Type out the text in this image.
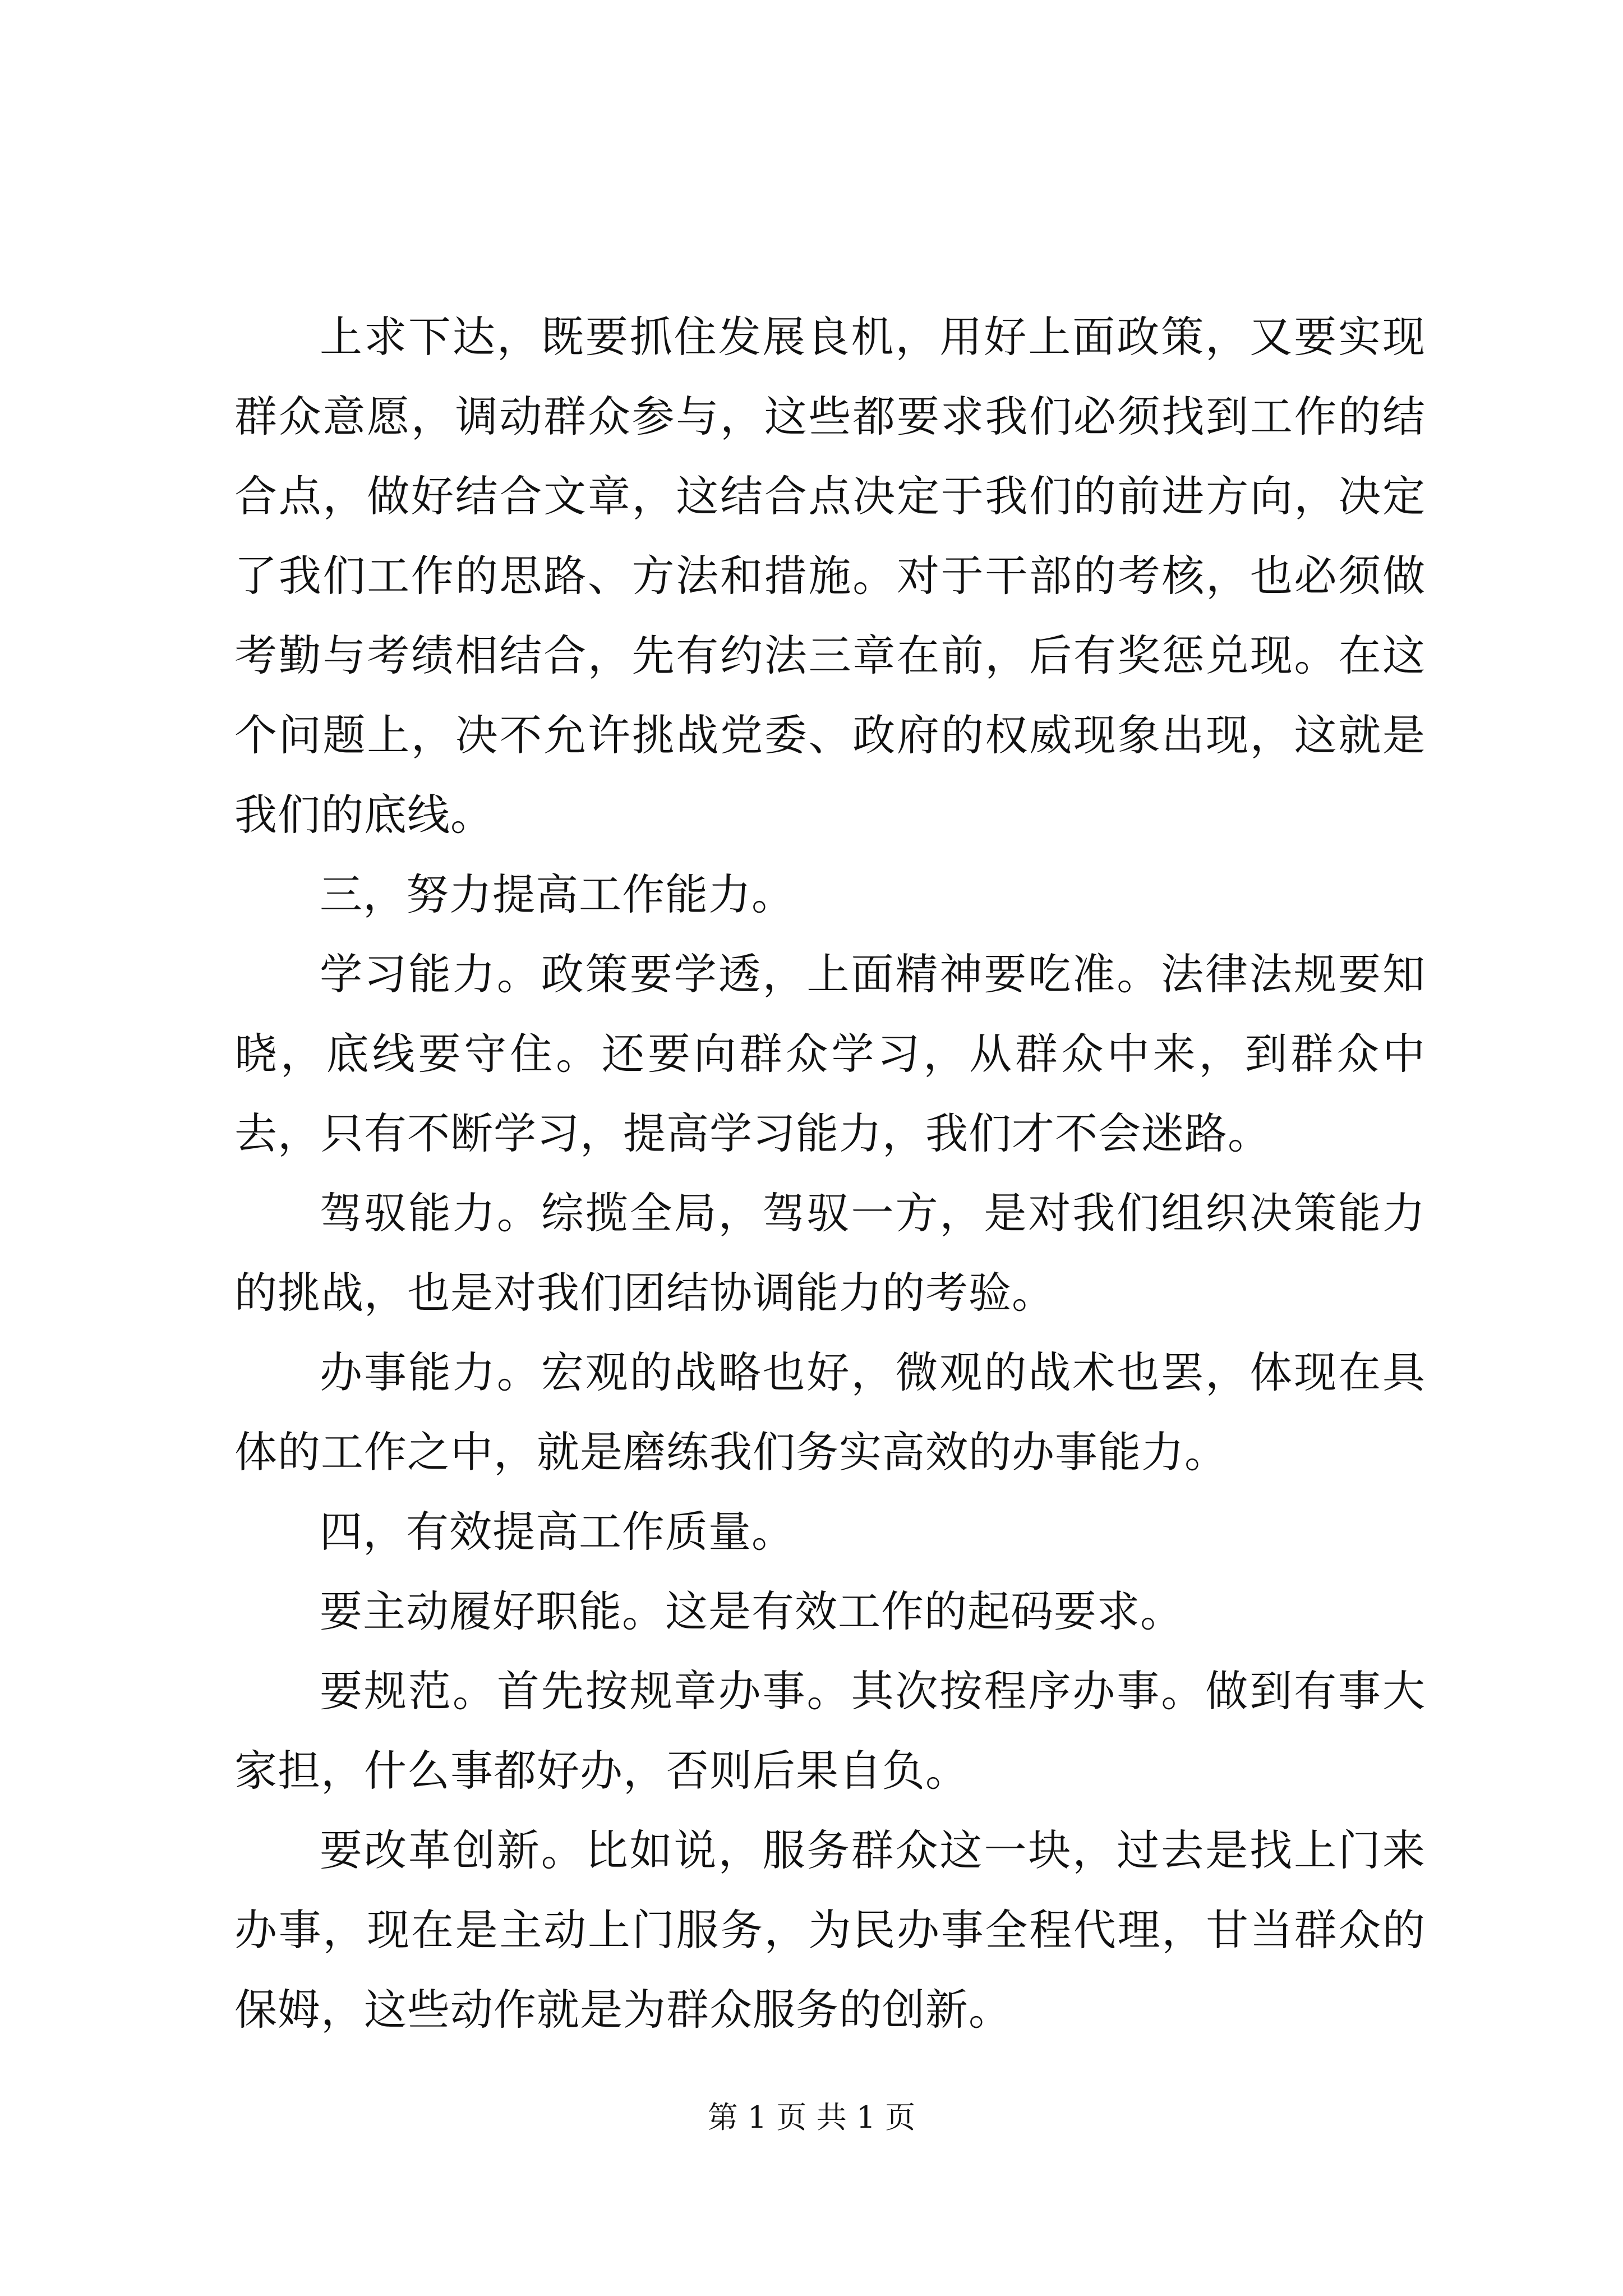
上求下达，既要抓住发展良机，用好上面政策，又要实现群众意愿，调动群众参与，这些都要求我们必须找到工作的结合点，做好结合文章，这结合点决定于我们的前进方向，决定了我们工作的思路、方法和措施。对于干部的考核，也必须做考勤与考绩相结合，先有约法三章在前，后有奖惩兑现。在这个问题上，决不允许挑战党委、政府的权威现象出现，这就是我们的底线。

三，努力提高工作能力。

学习能力。政策要学透，上面精神要吃准。法律法规要知晓，底线要守住。还要向群众学习，从群众中来，到群众中去，只有不断学习，提高学习能力，我们才不会迷路。

驾驭能力。综揽全局，驾驭一方，是对我们组织决策能力的挑战，也是对我们团结协调能力的考验。

办事能力。宏观的战略也好，微观的战术也罢，体现在具体的工作之中，就是磨练我们务实高效的办事能力。

四，有效提高工作质量。

要主动履好职能。这是有效工作的起码要求。

要规范。首先按规章办事。其次按程序办事。做到有事大家担，什么事都好办，否则后果自负。

要改革创新。比如说，服务群众这一块，过去是找上门来办事，现在是主动上门服务，为民办事全程代理，甘当群众的保姆，这些动作就是为群众服务的创新。

第 1 页 共 1 页
